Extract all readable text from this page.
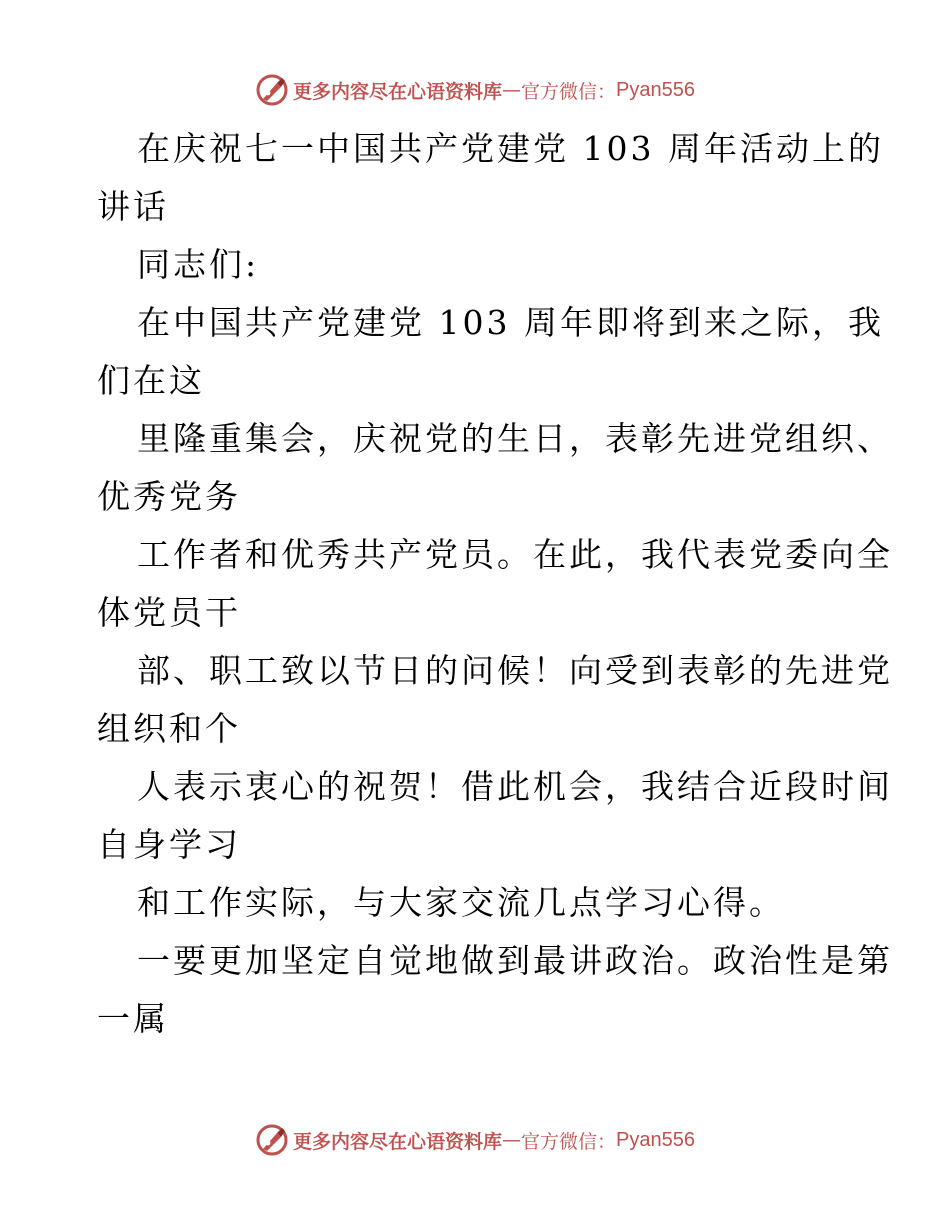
更多内容尽在心语资料库 — 官方微信： Pyan556
在庆祝七一中国共产党建党 103 周年活动上的
讲话
同志们:
在中国共产党建党 103 周年即将到来之际，我
们在这
里隆重集会，庆祝党的生日，表彰先进党组织、
优秀党务
工作者和优秀共产党员。在此，我代表党委向全
体党员干
部、职工致以节日的问候！向受到表彰的先进党
组织和个
人表示衷心的祝贺！借此机会，我结合近段时间
自身学习
和工作实际，与大家交流几点学习心得。
一要更加坚定自觉地做到最讲政治。政治性是第
一属
更多内容尽在心语资料库 — 官方微信： Pyan556
